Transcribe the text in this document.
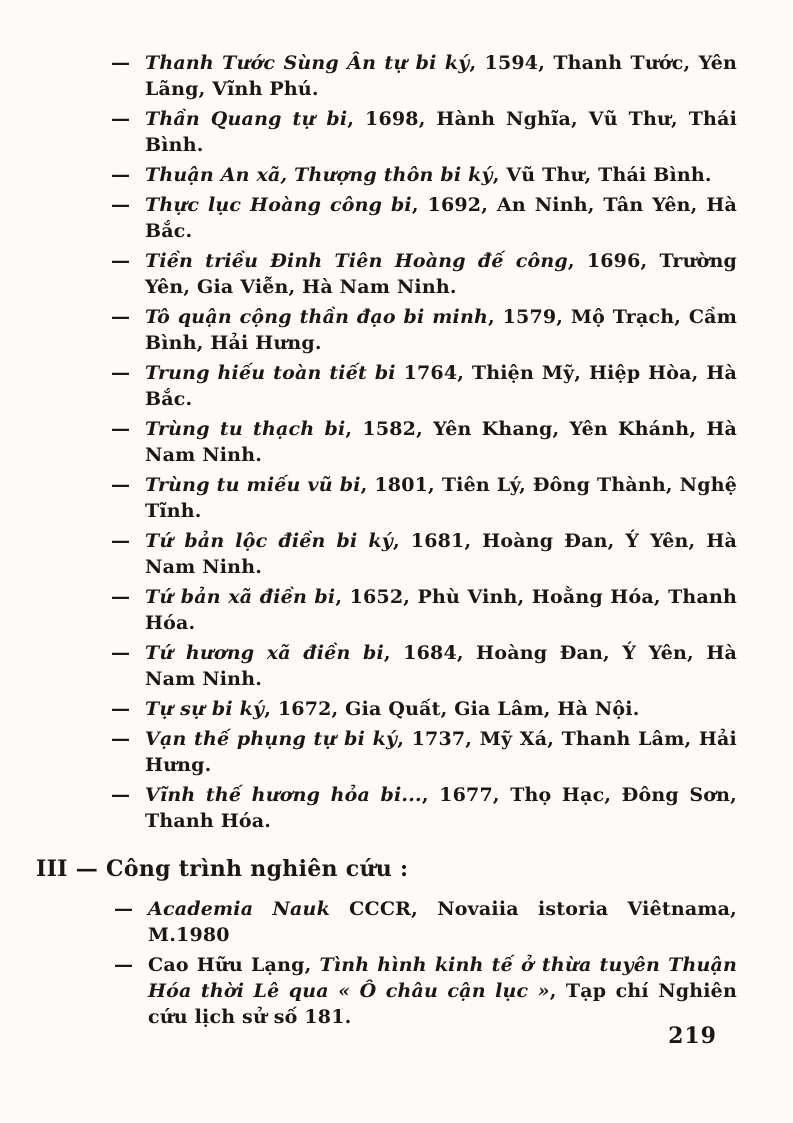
— Thanh Tước Sùng Ân tự bi ký, 1594, Thanh Tước, Yên Lãng, Vĩnh Phú.
— Thần Quang tự bi, 1698, Hành Nghĩa, Vũ Thư, Thái Bình.
— Thuận An xã, Thượng thôn bi ký, Vũ Thư, Thái Bình.
— Thực lục Hoàng công bi, 1692, An Ninh, Tân Yên, Hà Bắc.
— Tiền triều Đinh Tiên Hoàng đế công, 1696, Trường Yên, Gia Viễn, Hà Nam Ninh.
— Tô quận cộng thần đạo bi minh, 1579, Mộ Trạch, Cầm Bình, Hải Hưng.
— Trung hiếu toàn tiết bi 1764, Thiện Mỹ, Hiệp Hòa, Hà Bắc.
— Trùng tu thạch bi, 1582, Yên Khang, Yên Khánh, Hà Nam Ninh.
— Trùng tu miếu vũ bi, 1801, Tiên Lý, Đông Thành, Nghệ Tĩnh.
— Tứ bản lộc điền bi ký, 1681, Hoàng Đan, Ý Yên, Hà Nam Ninh.
— Tứ bản xã điền bi, 1652, Phù Vinh, Hoằng Hóa, Thanh Hóa.
— Tứ hương xã điền bi, 1684, Hoàng Đan, Ý Yên, Hà Nam Ninh.
— Tự sự bi ký, 1672, Gia Quất, Gia Lâm, Hà Nội.
— Vạn thế phụng tự bi ký, 1737, Mỹ Xá, Thanh Lâm, Hải Hưng.
— Vĩnh thế hương hỏa bi..., 1677, Thọ Hạc, Đông Sơn, Thanh Hóa.
III — Công trình nghiên cứu :
— Academia Nauk CCCR, Novaiia istoria Viêtnama, M.1980
— Cao Hữu Lạng, Tình hình kinh tế ở thừa tuyên Thuận Hóa thời Lê qua « Ô châu cận lục », Tạp chí Nghiên cứu lịch sử số 181.
219
